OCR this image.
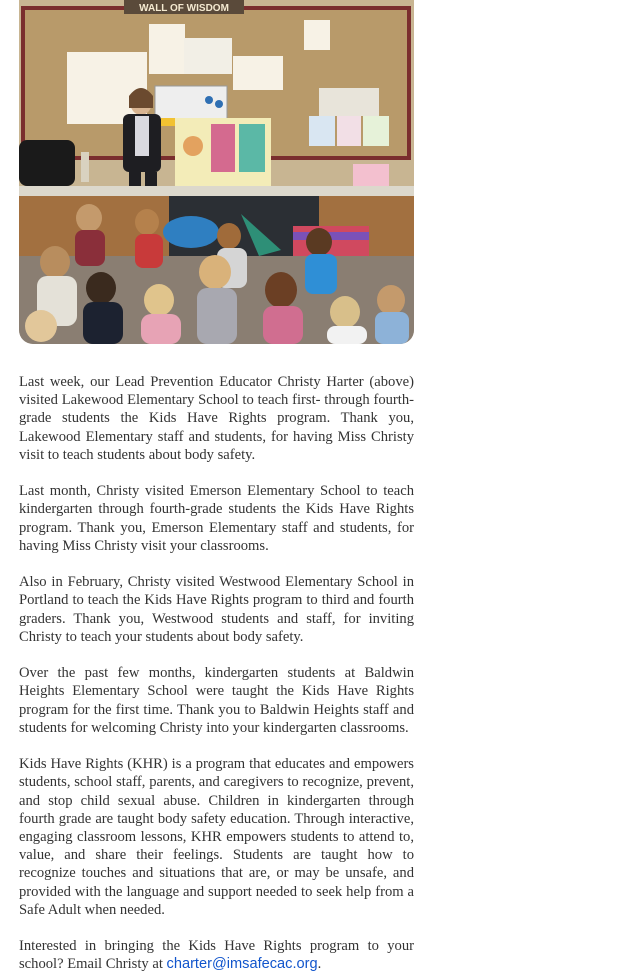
WALL OF WISDOM

Last week, our Lead Prevention Educator Christy Harter (above) visited Lakewood Elementary School to teach first- through fourth-grade students the Kids Have Rights program. Thank you, Lakewood Elementary staff and students, for having Miss Christy visit to teach students about body safety.

Last month, Christy visited Emerson Elementary School to teach kindergarten through fourth-grade students the Kids Have Rights program. Thank you, Emerson Elementary staff and students, for having Miss Christy visit your classrooms.

Also in February, Christy visited Westwood Elementary School in Portland to teach the Kids Have Rights program to third and fourth graders. Thank you, Westwood students and staff, for inviting Christy to teach your students about body safety.

Over the past few months, kindergarten students at Baldwin Heights Elementary School were taught the Kids Have Rights program for the first time. Thank you to Baldwin Heights staff and students for welcoming Christy into your kindergarten classrooms.

Kids Have Rights (KHR) is a program that educates and empowers students, school staff, parents, and caregivers to recognize, prevent, and stop child sexual abuse. Children in kindergarten through fourth grade are taught body safety education. Through interactive, engaging classroom lessons, KHR empowers students to attend to, value, and share their feelings. Students are taught how to recognize touches and situations that are, or may be unsafe, and provided with the language and support needed to seek help from a Safe Adult when needed.

Interested in bringing the Kids Have Rights program to your school? Email Christy at charter@imsafecac.org.
